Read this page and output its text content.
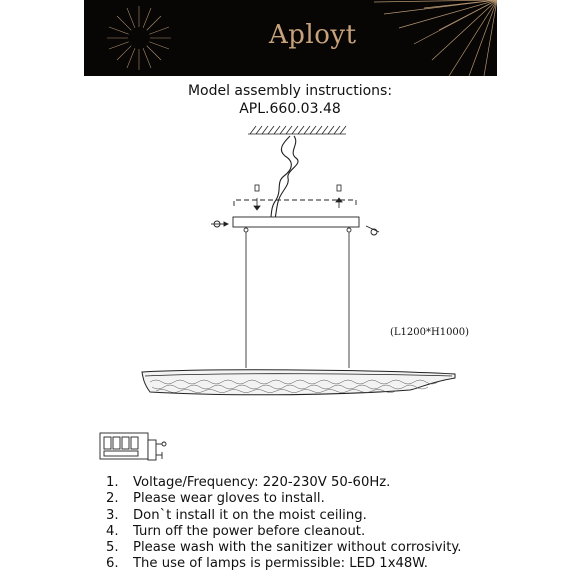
Aployt
Model assembly instructions:
APL.660.03.48
(L1200*H1000)
1.	Voltage/Frequency: 220-230V 50-60Hz.
2.	Please wear gloves to install.
3.	Don`t install it on the moist ceiling.
4.	Turn off the power before cleanout.
5.	Please wash with the sanitizer without corrosivity.
6.	The use of lamps is permissible: LED 1x48W.
